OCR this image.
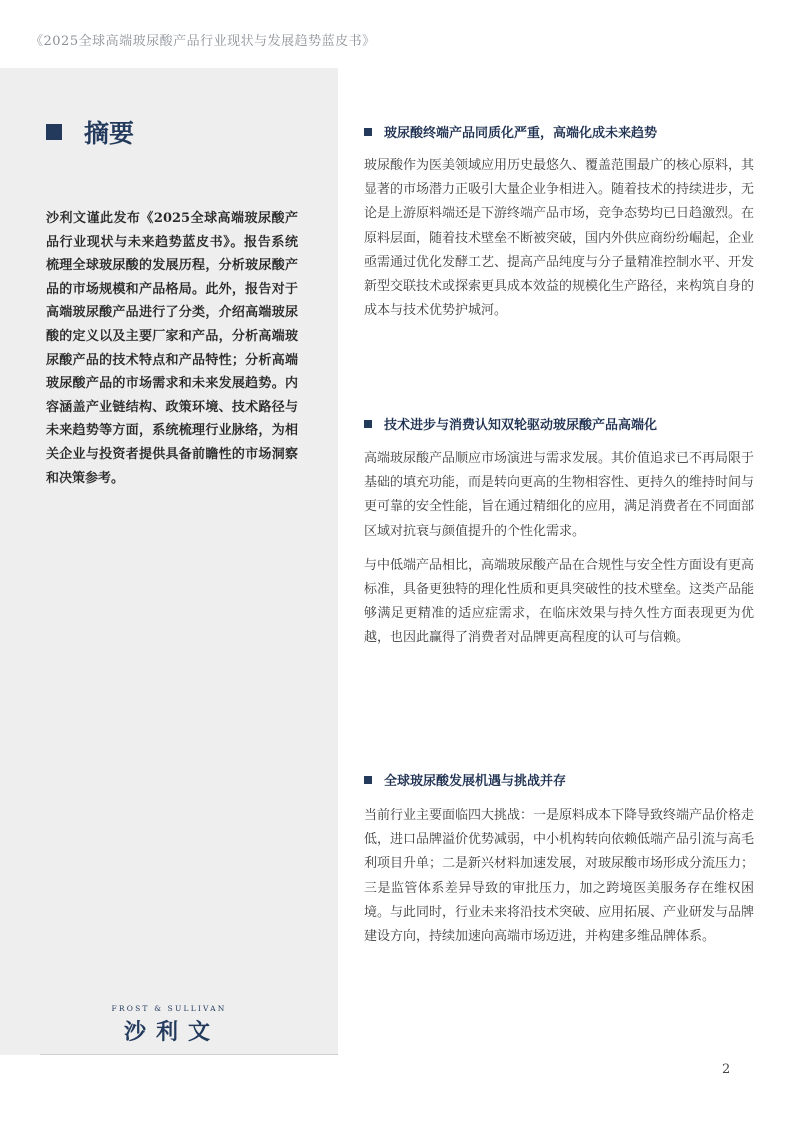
《2025全球高端玻尿酸产品行业现状与发展趋势蓝皮书》
摘要

沙利文谨此发布《2025全球高端玻尿酸产品行业现状与未来趋势蓝皮书》。报告系统梳理全球玻尿酸的发展历程，分析玻尿酸产品的市场规模和产品格局。此外，报告对于高端玻尿酸产品进行了分类，介绍高端玻尿酸的定义以及主要厂家和产品，分析高端玻尿酸产品的技术特点和产品特性；分析高端玻尿酸产品的市场需求和未来发展趋势。内容涵盖产业链结构、政策环境、技术路径与未来趋势等方面，系统梳理行业脉络，为相关企业与投资者提供具备前瞻性的市场洞察和决策参考。

FROST & SULLIVAN
沙利文
玻尿酸终端产品同质化严重，高端化成未来趋势

玻尿酸作为医美领域应用历史最悠久、覆盖范围最广的核心原料，其显著的市场潜力正吸引大量企业争相进入。随着技术的持续进步，无论是上游原料端还是下游终端产品市场，竞争态势均已日趋激烈。在原料层面，随着技术壁垒不断被突破，国内外供应商纷纷崛起，企业亟需通过优化发酵工艺、提高产品纯度与分子量精准控制水平、开发新型交联技术或探索更具成本效益的规模化生产路径，来构筑自身的成本与技术优势护城河。

技术进步与消费认知双轮驱动玻尿酸产品高端化

高端玻尿酸产品顺应市场演进与需求发展。其价值追求已不再局限于基础的填充功能，而是转向更高的生物相容性、更持久的维持时间与更可靠的安全性能，旨在通过精细化的应用，满足消费者在不同面部区域对抗衰与颜值提升的个性化需求。

与中低端产品相比，高端玻尿酸产品在合规性与安全性方面设有更高标准，具备更独特的理化性质和更具突破性的技术壁垒。这类产品能够满足更精准的适应症需求，在临床效果与持久性方面表现更为优越，也因此赢得了消费者对品牌更高程度的认可与信赖。

全球玻尿酸发展机遇与挑战并存

当前行业主要面临四大挑战：一是原料成本下降导致终端产品价格走低，进口品牌溢价优势减弱，中小机构转向依赖低端产品引流与高毛利项目升单；二是新兴材料加速发展，对玻尿酸市场形成分流压力；三是监管体系差异导致的审批压力，加之跨境医美服务存在维权困境。与此同时，行业未来将沿技术突破、应用拓展、产业研发与品牌建设方向，持续加速向高端市场迈进，并构建多维品牌体系。

2
